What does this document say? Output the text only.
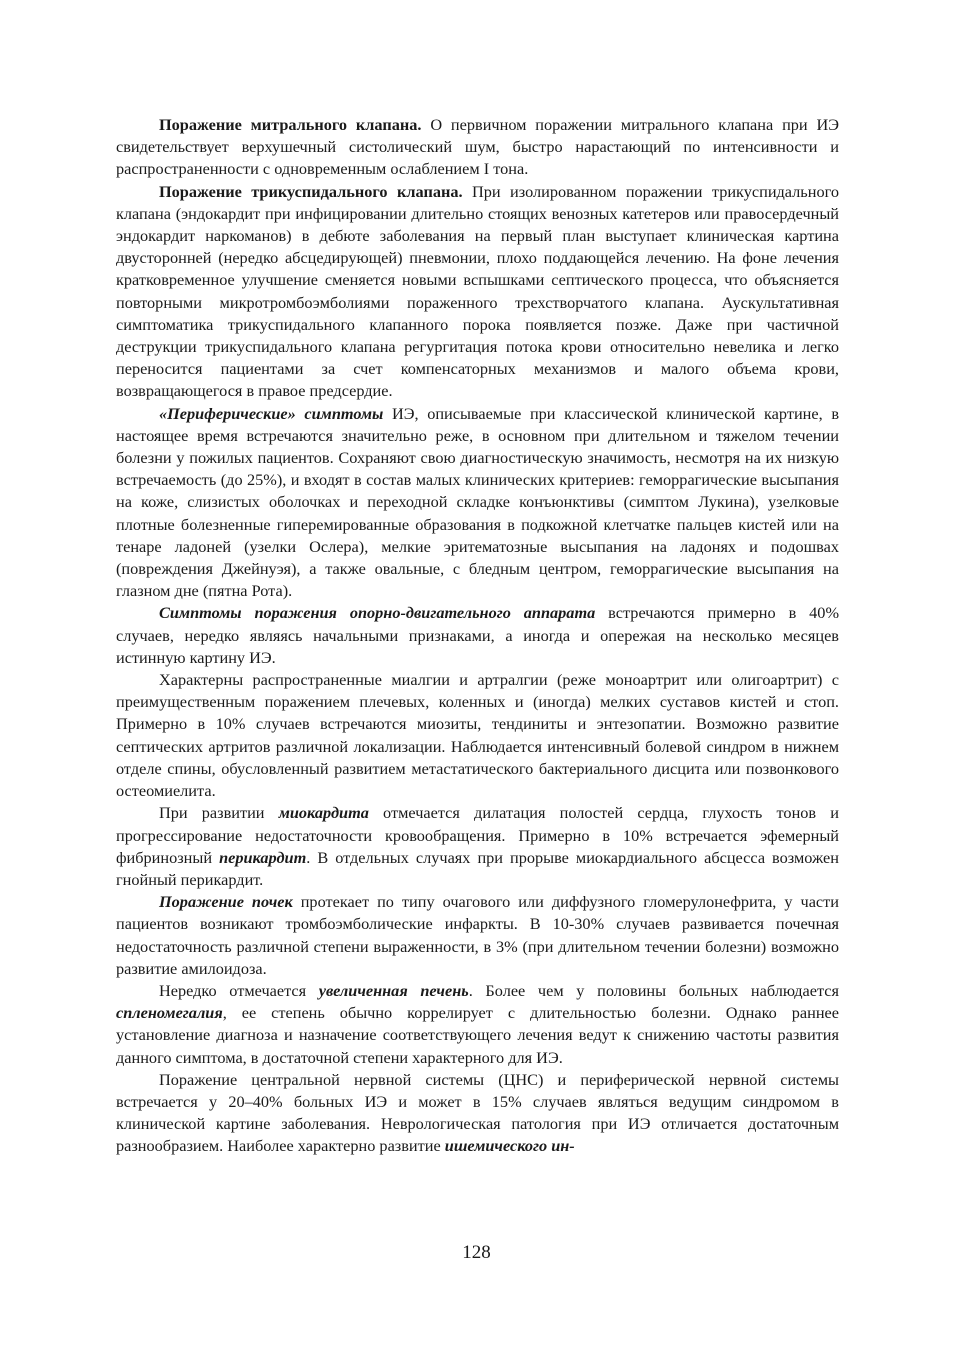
Поражение митрального клапана. О первичном поражении митрального клапана при ИЭ свидетельствует верхушечный систолический шум, быстро нарастающий по интенсивности и распространенности с одновременным ослаблением I тона.

Поражение трикуспидального клапана. При изолированном поражении трикуспидального клапана (эндокардит при инфицировании длительно стоящих венозных катетеров или правосердечный эндокардит наркоманов) в дебюте заболевания на первый план выступает клиническая картина двусторонней (нередко абсцедирующей) пневмонии, плохо поддающейся лечению. На фоне лечения кратковременное улучшение сменяется новыми вспышками септического процесса, что объясняется повторными микротромбоэмболиями пораженного трехстворчатого клапана. Аускультативная симптоматика трикуспидального клапанного порока появляется позже. Даже при частичной деструкции трикуспидального клапана регургитация потока крови относительно невелика и легко переносится пациентами за счет компенсаторных механизмов и малого объема крови, возвращающегося в правое предсердие.

«Периферические» симптомы ИЭ, описываемые при классической клинической картине, в настоящее время встречаются значительно реже, в основном при длительном и тяжелом течении болезни у пожилых пациентов. Сохраняют свою диагностическую значимость, несмотря на их низкую встречаемость (до 25%), и входят в состав малых клинических критериев: геморрагические высыпания на коже, слизистых оболочках и переходной складке конъюнктивы (симптом Лукина), узелковые плотные болезненные гиперемированные образования в подкожной клетчатке пальцев кистей или на тенаре ладоней (узелки Ослера), мелкие эритематозные высыпания на ладонях и подошвах (повреждения Джейнуэя), а также овальные, с бледным центром, геморрагические высыпания на глазном дне (пятна Рота).

Симптомы поражения опорно-двигательного аппарата встречаются примерно в 40% случаев, нередко являясь начальными признаками, а иногда и опережая на несколько месяцев истинную картину ИЭ.

Характерны распространенные миалгии и артралгии (реже моноартрит или олигоартрит) с преимущественным поражением плечевых, коленных и (иногда) мелких суставов кистей и стоп. Примерно в 10% случаев встречаются миозиты, тендиниты и энтезопатии. Возможно развитие септических артритов различной локализации. Наблюдается интенсивный болевой синдром в нижнем отделе спины, обусловленный развитием метастатического бактериального дисцита или позвонкового остеомиелита.

При развитии миокардита отмечается дилатация полостей сердца, глухость тонов и прогрессирование недостаточности кровообращения. Примерно в 10% встречается эфемерный фибринозный перикардит. В отдельных случаях при прорыве миокардиального абсцесса возможен гнойный перикардит.

Поражение почек протекает по типу очагового или диффузного гломерулонефрита, у части пациентов возникают тромбоэмболические инфаркты. В 10-30% случаев развивается почечная недостаточность различной степени выраженности, в 3% (при длительном течении болезни) возможно развитие амилоидоза.

Нередко отмечается увеличенная печень. Более чем у половины больных наблюдается спленомегалия, ее степень обычно коррелирует с длительностью болезни. Однако раннее установление диагноза и назначение соответствующего лечения ведут к снижению частоты развития данного симптома, в достаточной степени характерного для ИЭ.

Поражение центральной нервной системы (ЦНС) и периферической нервной системы встречается у 20–40% больных ИЭ и может в 15% случаев являться ведущим синдромом в клинической картине заболевания. Неврологическая патология при ИЭ отличается достаточным разнообразием. Наиболее характерно развитие ишемического ин-

128
